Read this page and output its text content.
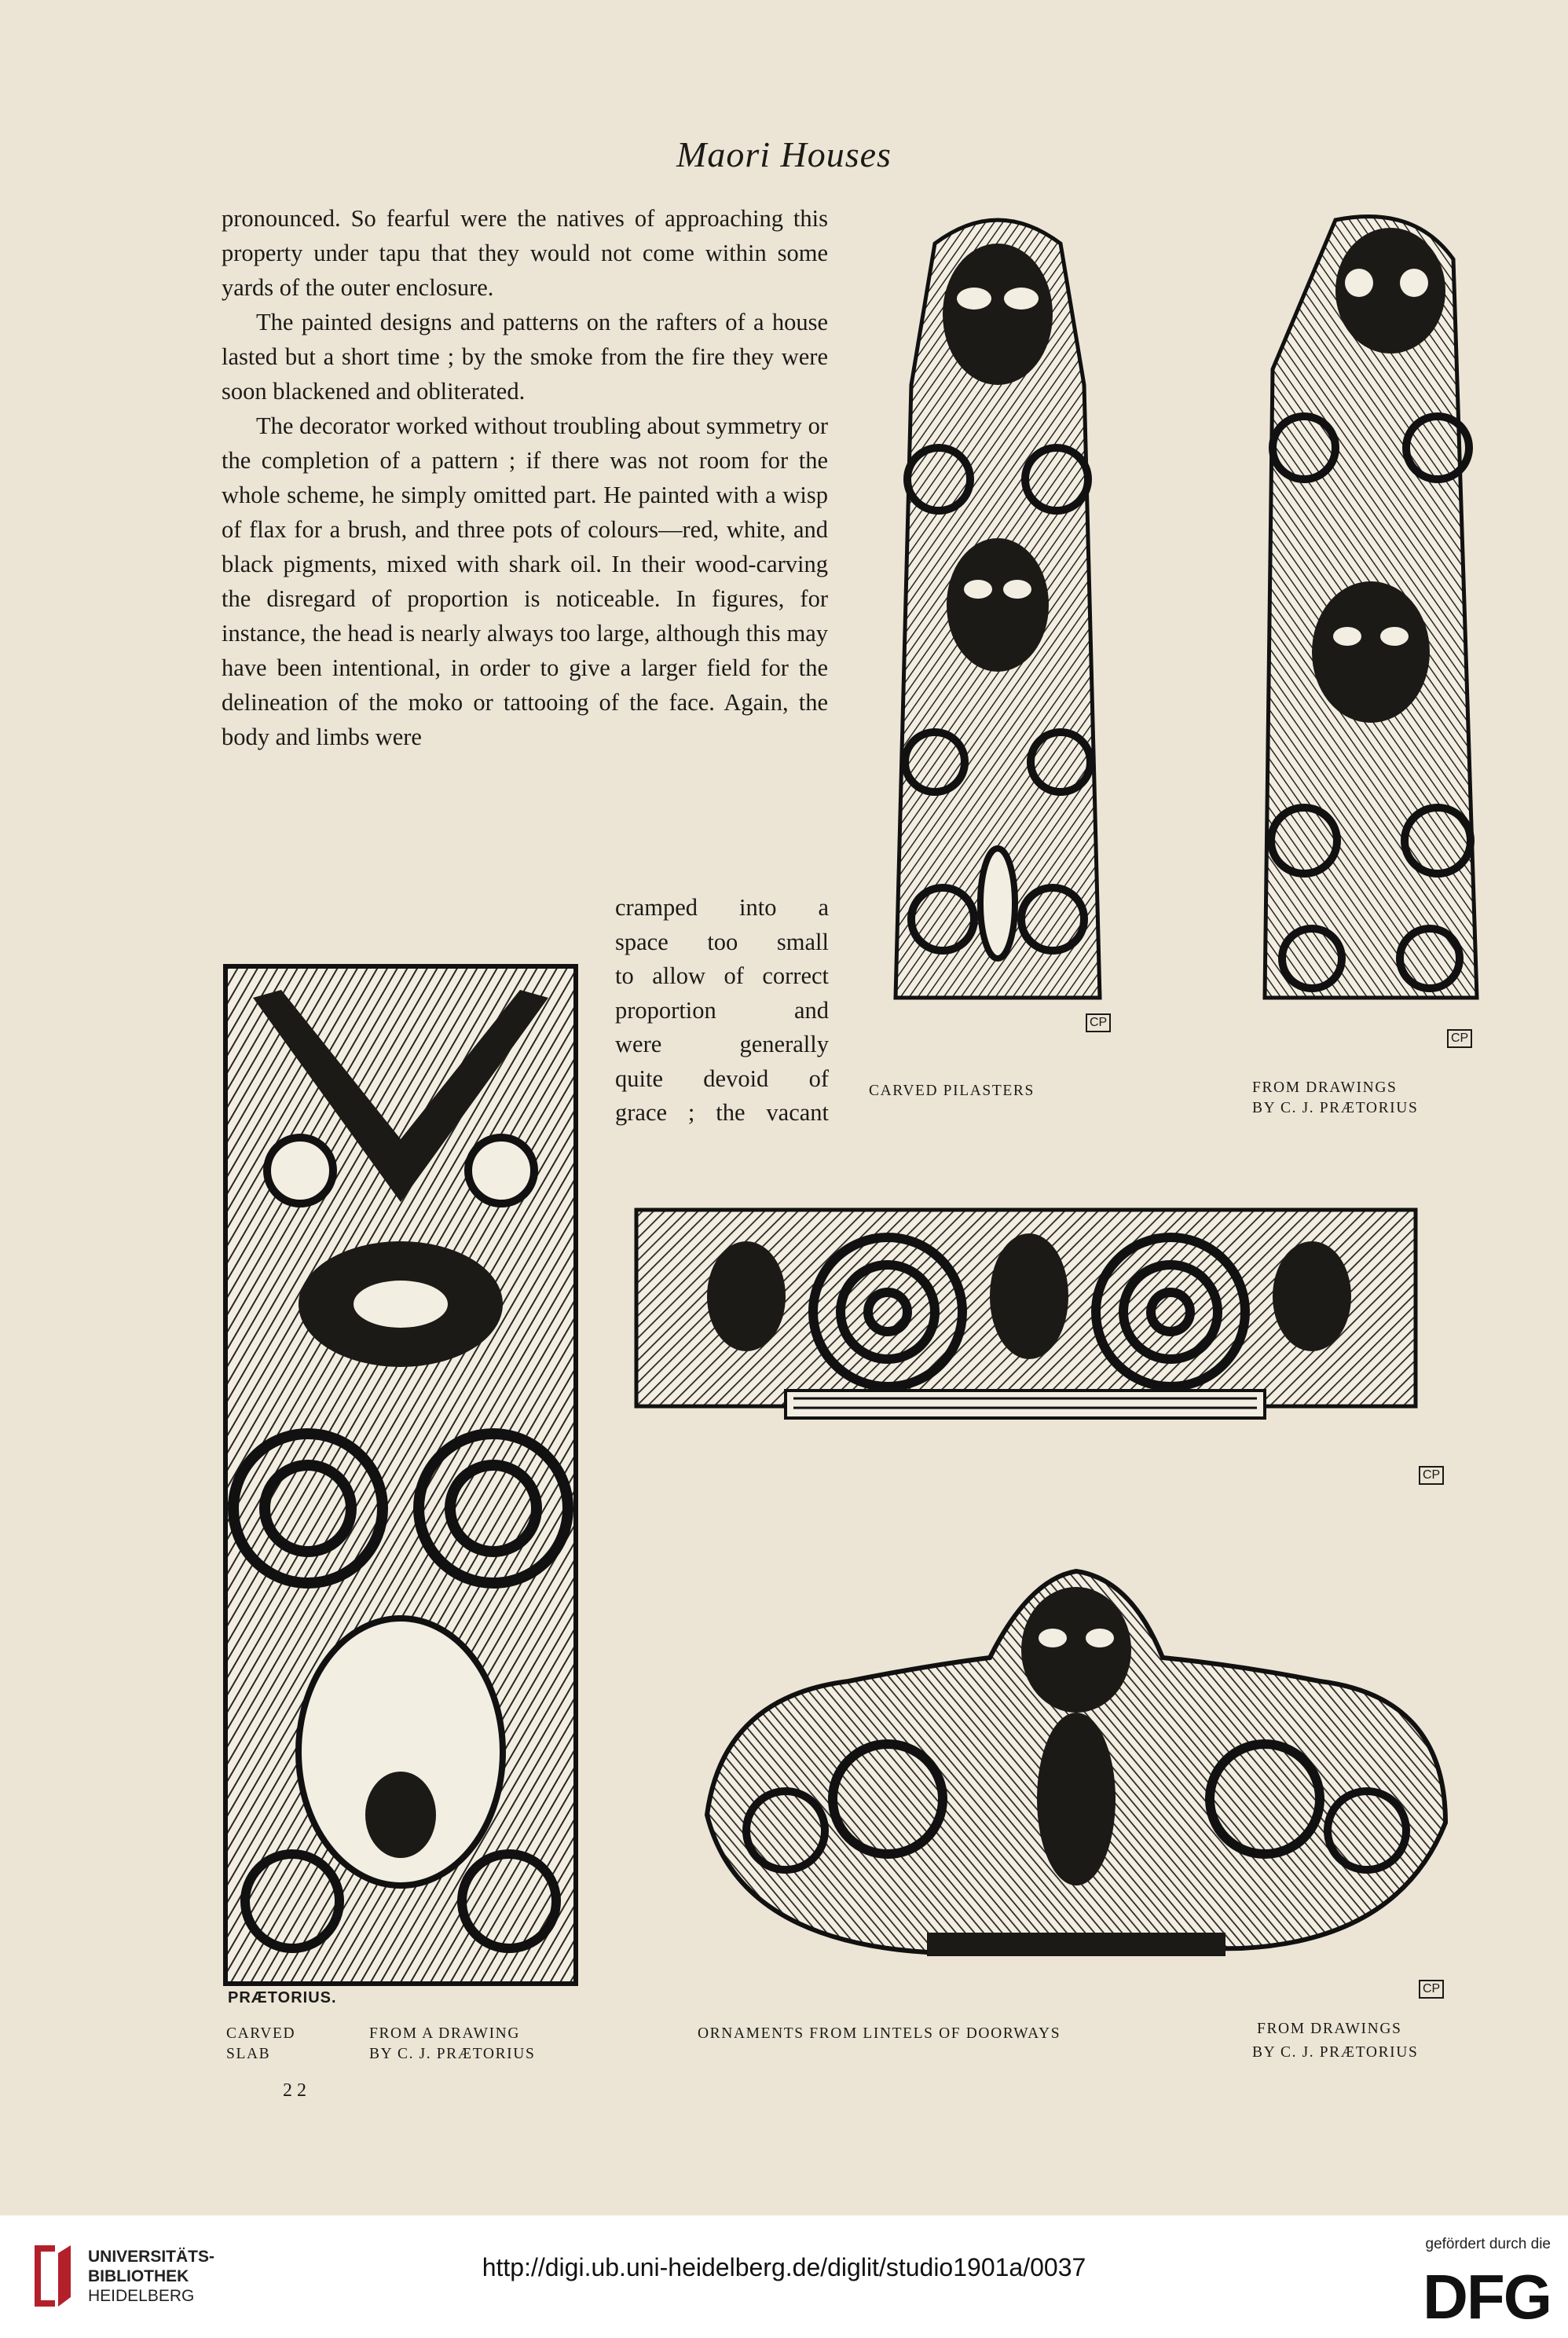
Maori Houses

pronounced. So fearful were the natives of approaching this property under tapu that they would not come within some yards of the outer enclosure.

The painted designs and patterns on the rafters of a house lasted but a short time ; by the smoke from the fire they were soon blackened and obliterated.

The decorator worked without troubling about symmetry or the completion of a pattern ; if there was not room for the whole scheme, he simply omitted part. He painted with a wisp of flax for a brush, and three pots of colours—red, white, and black pigments, mixed with shark oil. In their wood-carving the disregard of proportion is noticeable. In figures, for instance, the head is nearly always too large, although this may have been intentional, in order to give a larger field for the delineation of the moko or tattooing of the face. Again, the body and limbs were

cramped into a
space too small
to allow of correct
proportion and
were generally
quite devoid of
grace ; the vacant
CP
CP
CARVED PILASTERS	FROM DRAWINGS
BY C. J. PRÆTORIUS
CP
PRÆTORIUS.
CP
CARVED
SLAB
FROM A DRAWING
BY C. J. PRÆTORIUS
ORNAMENTS FROM LINTELS OF DOORWAYS	FROM DRAWINGS
BY C. J. PRÆTORIUS
22
UNIVERSITÄTS-
BIBLIOTHEK
HEIDELBERG
http://digi.ub.uni-heidelberg.de/diglit/studio1901a/0037
gefördert durch die
DFG
